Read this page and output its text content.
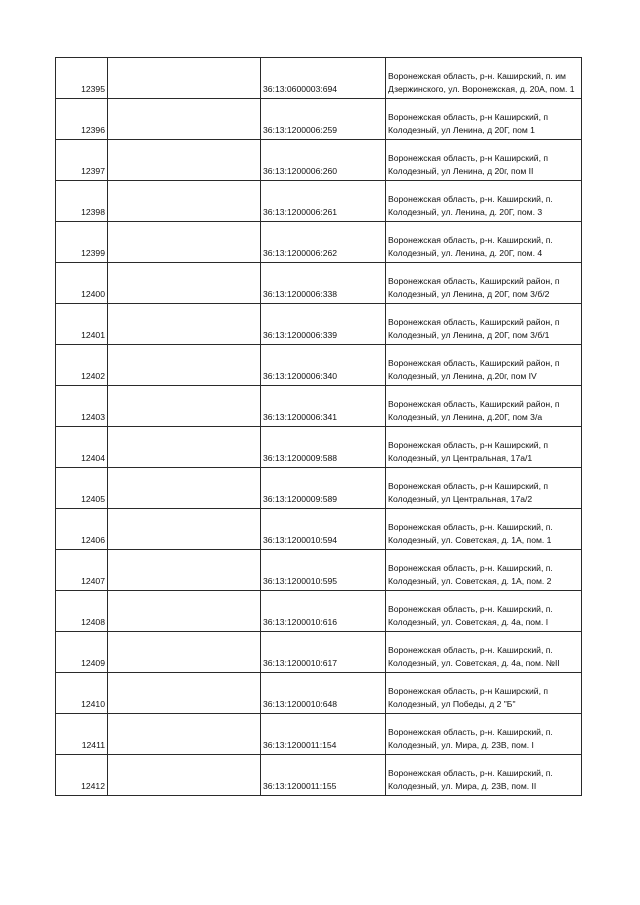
12395		36:13:0600003:694	Воронежская область, р-н. Каширский, п. им Дзержинского, ул. Воронежская, д. 20А, пом. 1
12396		36:13:1200006:259	Воронежская область, р-н Каширский, п Колодезный, ул Ленина, д 20Г, пом 1
12397		36:13:1200006:260	Воронежская область, р-н Каширский, п Колодезный, ул Ленина, д 20г, пом II
12398		36:13:1200006:261	Воронежская область, р-н. Каширский, п. Колодезный, ул. Ленина, д. 20Г, пом. 3
12399		36:13:1200006:262	Воронежская область, р-н. Каширский, п. Колодезный, ул. Ленина, д. 20Г, пом. 4
12400		36:13:1200006:338	Воронежская область, Каширский район, п Колодезный, ул Ленина, д 20Г, пом 3/б/2
12401		36:13:1200006:339	Воронежская область, Каширский район, п Колодезный, ул Ленина, д 20Г, пом 3/б/1
12402		36:13:1200006:340	Воронежская область, Каширский район, п Колодезный, ул Ленина, д.20г, пом IV
12403		36:13:1200006:341	Воронежская область, Каширский район, п Колодезный, ул Ленина, д.20Г, пом 3/а
12404		36:13:1200009:588	Воронежская область, р-н Каширский, п Колодезный, ул Центральная, 17а/1
12405		36:13:1200009:589	Воронежская область, р-н Каширский, п Колодезный, ул Центральная, 17а/2
12406		36:13:1200010:594	Воронежская область, р-н. Каширский, п. Колодезный, ул. Советская, д. 1А, пом. 1
12407		36:13:1200010:595	Воронежская область, р-н. Каширский, п. Колодезный, ул. Советская, д. 1А, пом. 2
12408		36:13:1200010:616	Воронежская область, р-н. Каширский, п. Колодезный, ул. Советская, д. 4а, пом. I
12409		36:13:1200010:617	Воронежская область, р-н. Каширский, п. Колодезный, ул. Советская, д. 4а, пом. №II
12410		36:13:1200010:648	Воронежская область, р-н Каширский, п Колодезный, ул Победы, д 2 "Б"
12411		36:13:1200011:154	Воронежская область, р-н. Каширский, п. Колодезный, ул. Мира, д. 23В, пом. I
12412		36:13:1200011:155	Воронежская область, р-н. Каширский, п. Колодезный, ул. Мира, д. 23В, пом. II
